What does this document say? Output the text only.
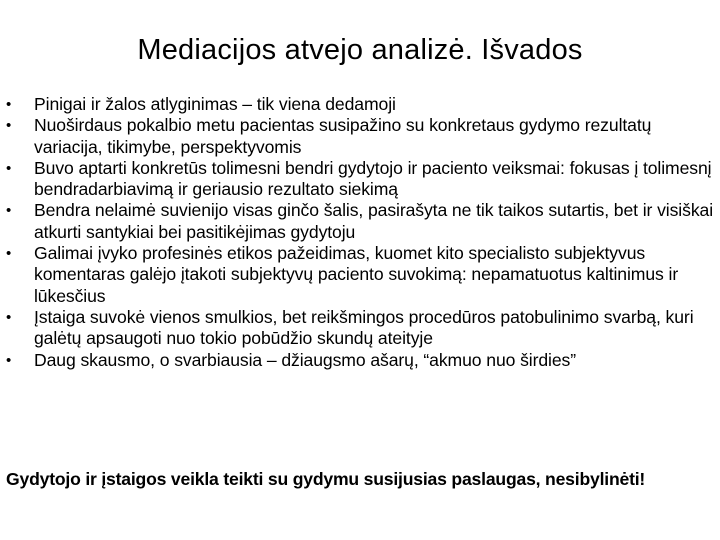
Mediacijos atvejo analizė. Išvados
•	Pinigai ir žalos atlyginimas – tik viena dedamoji
•	Nuoširdaus pokalbio metu pacientas susipažino su konkretaus gydymo rezultatų variacija, tikimybe, perspektyvomis
•	Buvo aptarti konkretūs tolimesni bendri gydytojo ir paciento veiksmai: fokusas į tolimesnį bendradarbiavimą ir geriausio rezultato siekimą
•	Bendra nelaimė suvienijo visas ginčo šalis, pasirašyta ne tik taikos sutartis, bet ir visiškai atkurti santykiai bei pasitikėjimas gydytoju
•	Galimai įvyko profesinės etikos pažeidimas, kuomet kito specialisto subjektyvus komentaras galėjo įtakoti subjektyvų paciento suvokimą: nepamatuotus kaltinimus ir lūkesčius
•	Įstaiga suvokė vienos smulkios, bet reikšmingos procedūros patobulinimo svarbą, kuri galėtų apsaugoti nuo tokio pobūdžio skundų ateityje
•	Daug skausmo, o svarbiausia – džiaugsmo ašarų, “akmuo nuo širdies”
Gydytojo ir įstaigos veikla teikti su gydymu susijusias paslaugas, nesibylinėti!
